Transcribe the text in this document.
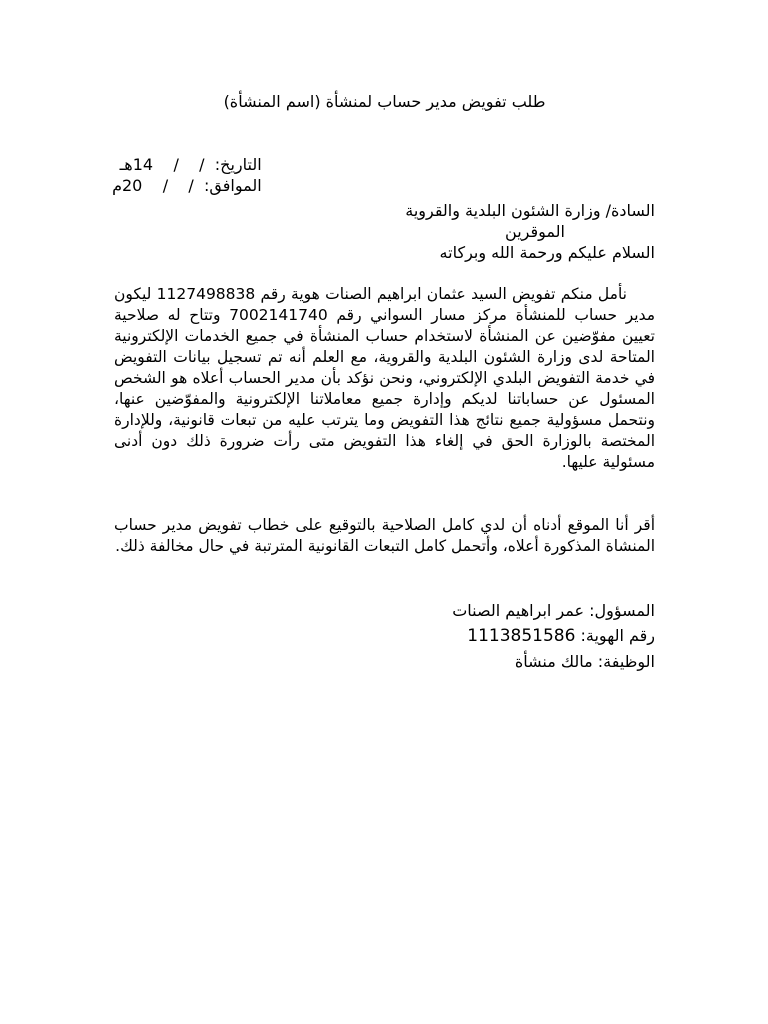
طلب تفويض مدير حساب لمنشأة (اسم المنشأة)

التاريخ:  /    /    14هـ

الموافق:  /    /    20م

السادة/ وزارة الشئون البلدية والقروية
الموقرين
السلام عليكم ورحمة الله وبركاته

نأمل منكم تفويض السيد عثمان ابراهيم الصنات هوية رقم 1127498838 ليكون مدير حساب للمنشأة مركز مسار السواني رقم 7002141740 وتتاح له صلاحية تعيين مفوّضين عن المنشأة لاستخدام حساب المنشأة في جميع الخدمات الإلكترونية المتاحة لدى وزارة الشئون البلدية والقروية، مع العلم أنه تم تسجيل بيانات التفويض في خدمة التفويض البلدي الإلكتروني، ونحن نؤكد بأن مدير الحساب أعلاه هو الشخص المسئول عن حساباتنا لديكم وإدارة جميع معاملاتنا الإلكترونية والمفوّضين عنها، ونتحمل مسؤولية جميع نتائج هذا التفويض وما يترتب عليه من تبعات قانونية، وللإدارة المختصة بالوزارة الحق في إلغاء هذا التفويض متى رأت ضرورة ذلك دون أدنى مسئولية عليها.

أقر أنا الموقع أدناه أن لدي كامل الصلاحية بالتوقيع على خطاب تفويض مدير حساب المنشاة المذكورة أعلاه، وأتحمل كامل التبعات القانونية المترتبة في حال مخالفة ذلك.

المسؤول: عمر ابراهيم الصنات
رقم الهوية: 1113851586
الوظيفة: مالك منشأة
